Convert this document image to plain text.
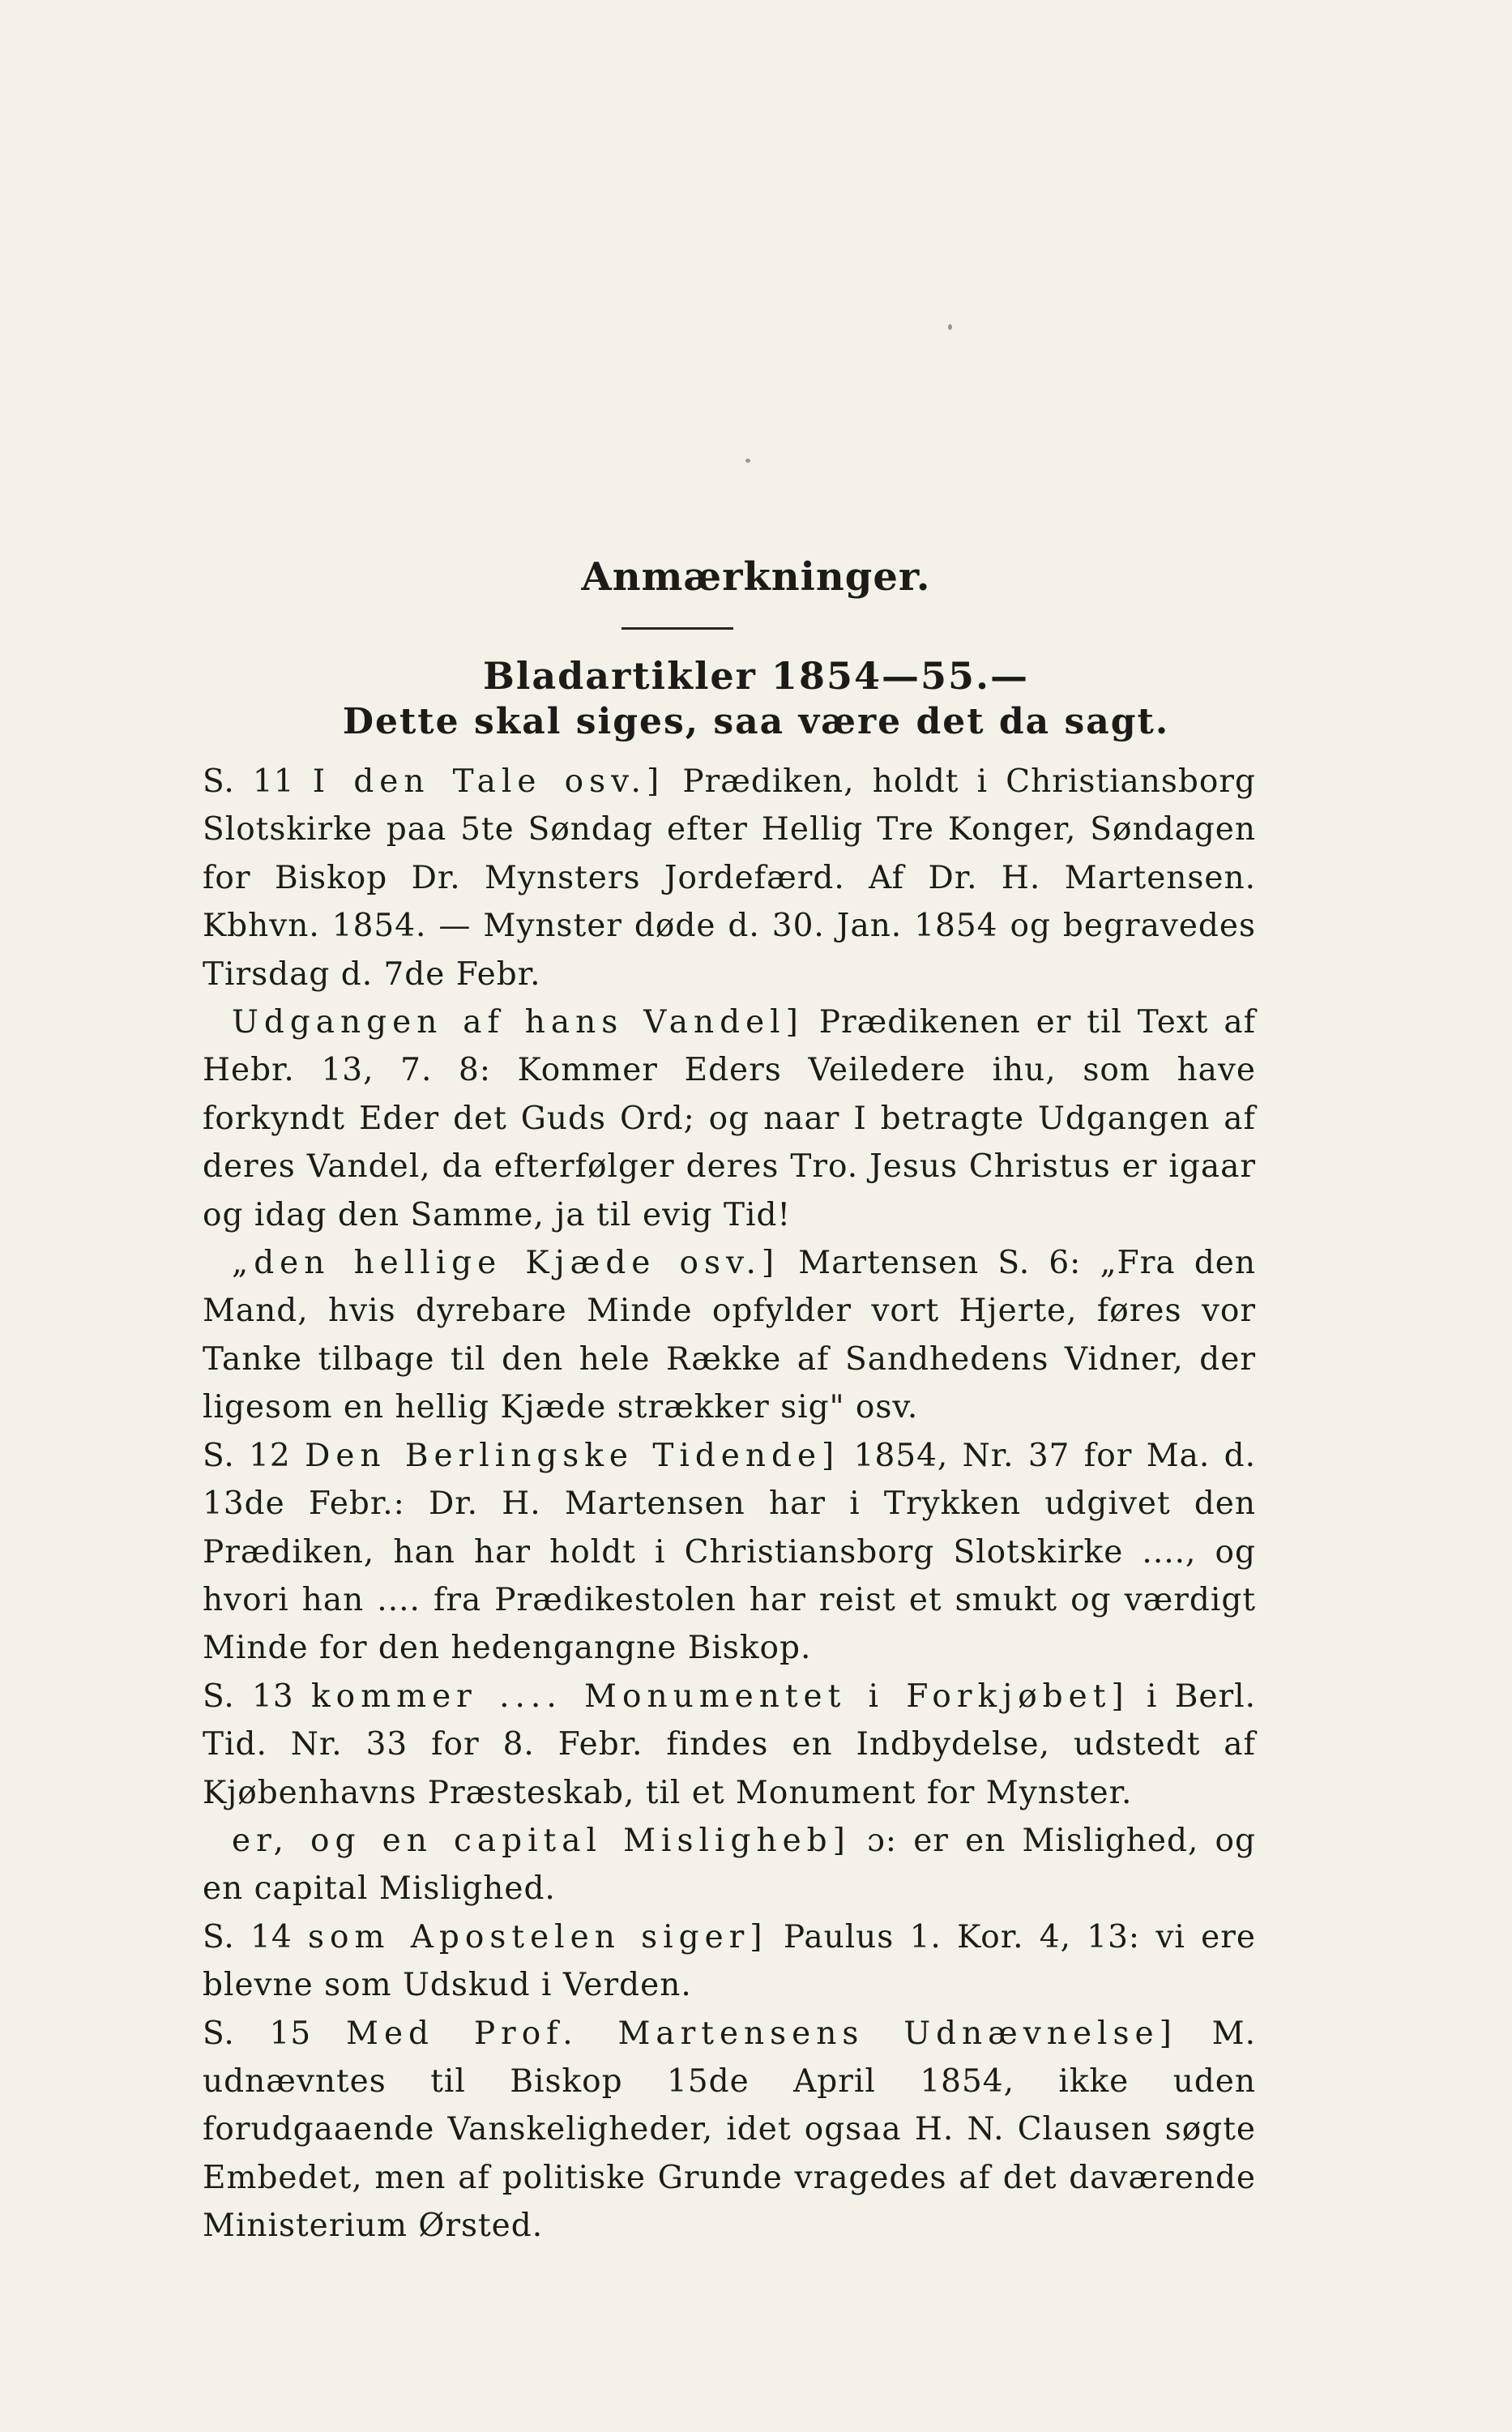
Anmærkninger.
Bladartikler 1854—55.—
Dette skal siges, saa være det da sagt.

S. 11 I den Tale osv.] Prædiken, holdt i Christiansborg Slotskirke paa 5te Søndag efter Hellig Tre Konger, Søndagen for Biskop Dr. Mynsters Jordefærd. Af Dr. H. Martensen. Kbhvn. 1854. — Mynster døde d. 30. Jan. 1854 og begravedes Tirsdag d. 7de Febr.

Udgangen af hans Vandel] Prædikenen er til Text af Hebr. 13, 7. 8: Kommer Eders Veiledere ihu, som have forkyndt Eder det Guds Ord; og naar I betragte Udgangen af deres Vandel, da efterfølger deres Tro. Jesus Christus er igaar og idag den Samme, ja til evig Tid!

„den hellige Kjæde osv.] Martensen S. 6: „Fra den Mand, hvis dyrebare Minde opfylder vort Hjerte, føres vor Tanke tilbage til den hele Række af Sandhedens Vidner, der ligesom en hellig Kjæde strækker sig" osv.

S. 12 Den Berlingske Tidende] 1854, Nr. 37 for Ma. d. 13de Febr.: Dr. H. Martensen har i Trykken udgivet den Prædiken, han har holdt i Christiansborg Slotskirke ...., og hvori han .... fra Prædikestolen har reist et smukt og værdigt Minde for den hedengangne Biskop.

S. 13 kommer .... Monumentet i Forkjøbet] i Berl. Tid. Nr. 33 for 8. Febr. findes en Indbydelse, udstedt af Kjøbenhavns Præsteskab, til et Monument for Mynster.

er, og en capital Misligheb] ɔ: er en Mislighed, og en capital Mislighed.

S. 14 som Apostelen siger] Paulus 1. Kor. 4, 13: vi ere blevne som Udskud i Verden.

S. 15 Med Prof. Martensens Udnævnelse] M. udnævntes til Biskop 15de April 1854, ikke uden forudgaaende Vanskeligheder, idet ogsaa H. N. Clausen søgte Embedet, men af politiske Grunde vragedes af det daværende Ministerium Ørsted.
